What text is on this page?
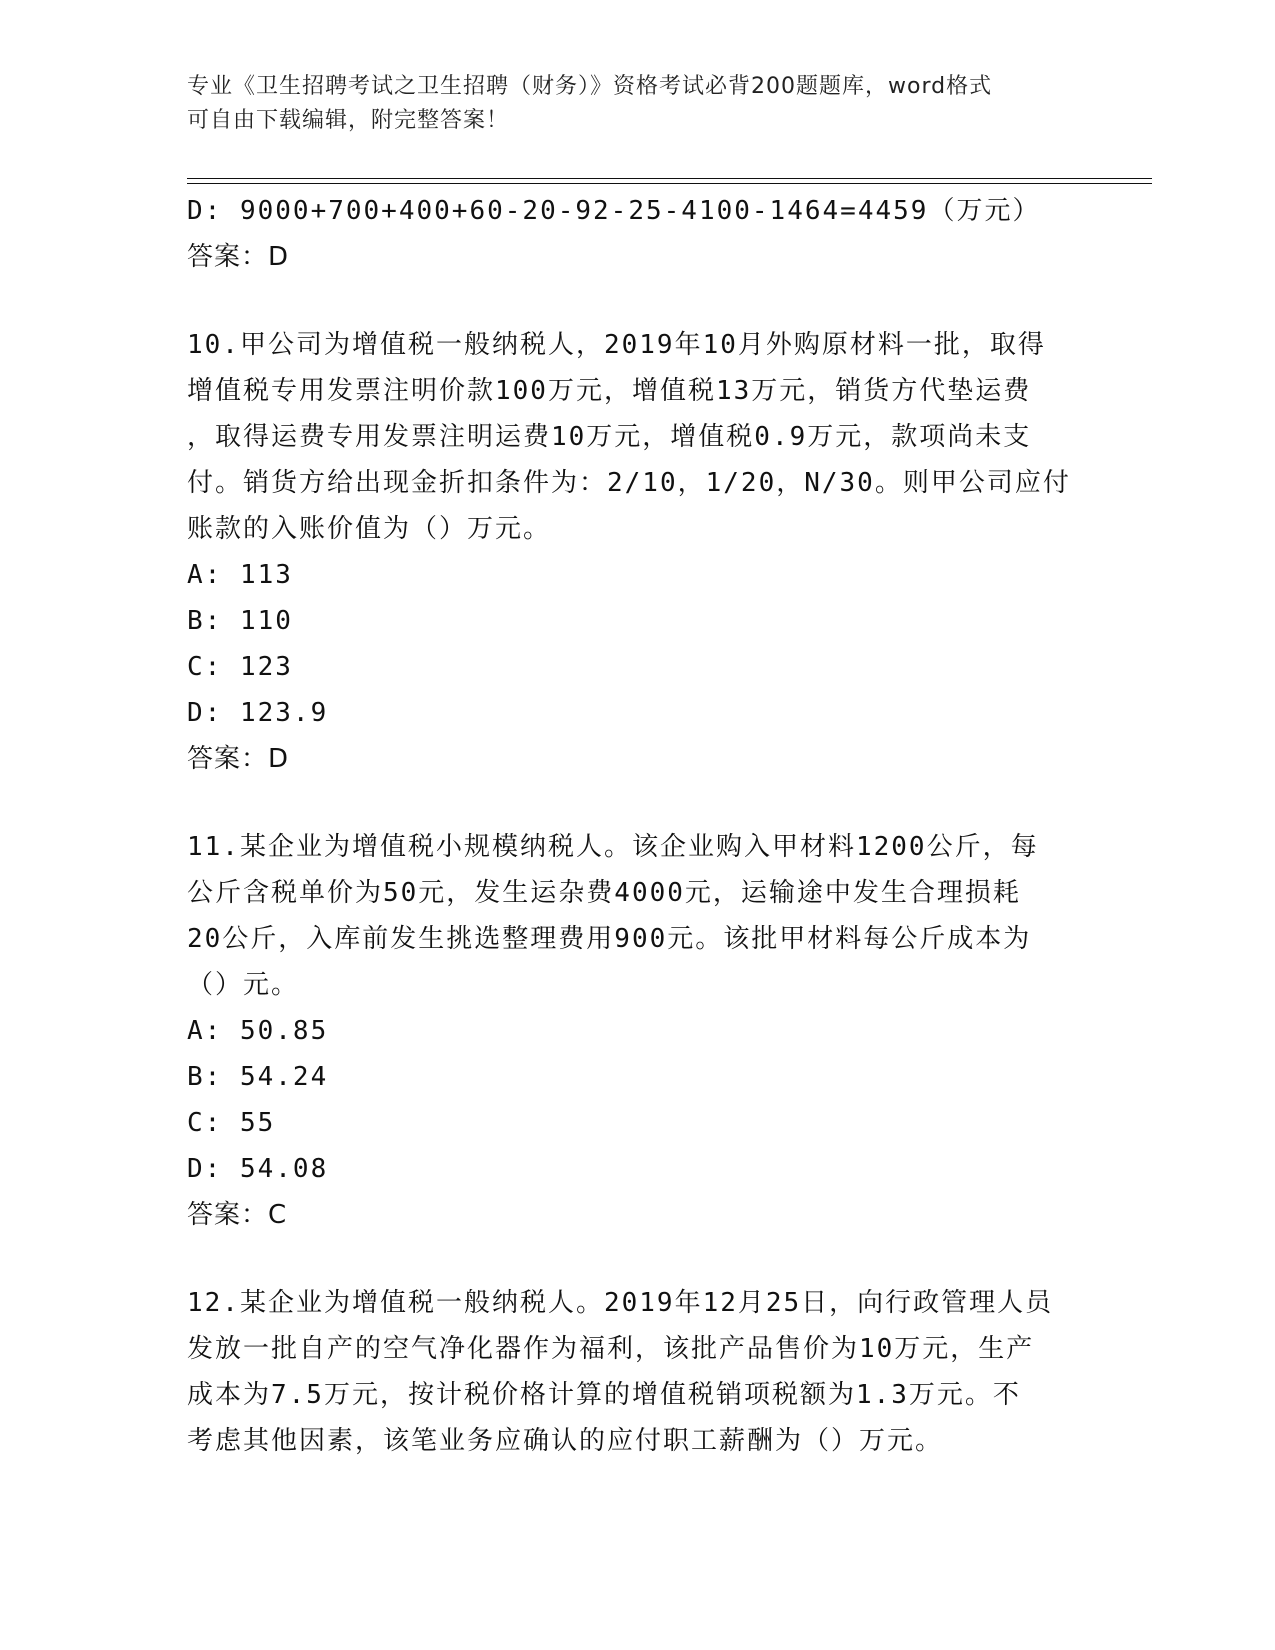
专业《卫生招聘考试之卫生招聘（财务）》资格考试必背200题题库，word格式
可自由下载编辑，附完整答案！
D: 9000+700+400+60-20-92-25-4100-1464=4459（万元）
答案：D
10.甲公司为增值税一般纳税人，2019年10月外购原材料一批，取得
增值税专用发票注明价款100万元，增值税13万元，销货方代垫运费
，取得运费专用发票注明运费10万元，增值税0.9万元，款项尚未支
付。销货方给出现金折扣条件为：2/10，1/20，N/30。则甲公司应付
账款的入账价值为（）万元。
A: 113
B: 110
C: 123
D: 123.9
答案：D
11.某企业为增值税小规模纳税人。该企业购入甲材料1200公斤，每
公斤含税单价为50元，发生运杂费4000元，运输途中发生合理损耗
20公斤，入库前发生挑选整理费用900元。该批甲材料每公斤成本为
（）元。
A: 50.85
B: 54.24
C: 55
D: 54.08
答案：C
12.某企业为增值税一般纳税人。2019年12月25日，向行政管理人员
发放一批自产的空气净化器作为福利，该批产品售价为10万元，生产
成本为7.5万元，按计税价格计算的增值税销项税额为1.3万元。不
考虑其他因素，该笔业务应确认的应付职工薪酬为（）万元。
